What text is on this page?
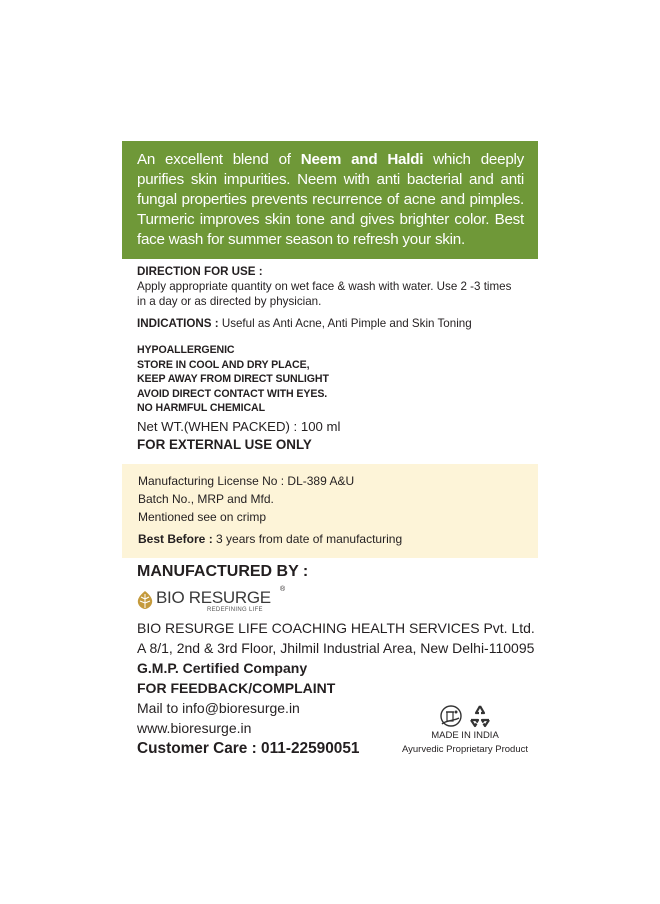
An excellent blend of Neem and Haldi which deeply purifies skin impurities. Neem with anti bacterial and anti fungal properties prevents recurrence of acne and pimples. Turmeric improves skin tone and gives brighter color. Best face wash for summer season to refresh your skin.
DIRECTION FOR USE :
Apply appropriate quantity on wet face & wash with water. Use 2 -3 times in a day or as directed by physician.
INDICATIONS : Useful as Anti Acne, Anti Pimple and Skin Toning
HYPOALLERGENIC
STORE IN COOL AND DRY PLACE,
KEEP AWAY FROM DIRECT SUNLIGHT
AVOID DIRECT CONTACT WITH EYES.
NO HARMFUL CHEMICAL
Net WT.(WHEN PACKED) : 100 ml
FOR EXTERNAL USE ONLY
Manufacturing License No : DL-389 A&U
Batch No., MRP and Mfd.
Mentioned see on crimp
Best Before : 3 years from date of manufacturing
MANUFACTURED BY :
BIO RESURGE ®
REDEFINING LIFE
BIO RESURGE LIFE COACHING HEALTH SERVICES Pvt. Ltd.
A 8/1, 2nd & 3rd Floor, Jhilmil Industrial Area, New Delhi-110095
G.M.P. Certified Company
FOR FEEDBACK/COMPLAINT
Mail to info@bioresurge.in
www.bioresurge.in
Customer Care : 011-22590051
MADE IN INDIA
Ayurvedic Proprietary Product
